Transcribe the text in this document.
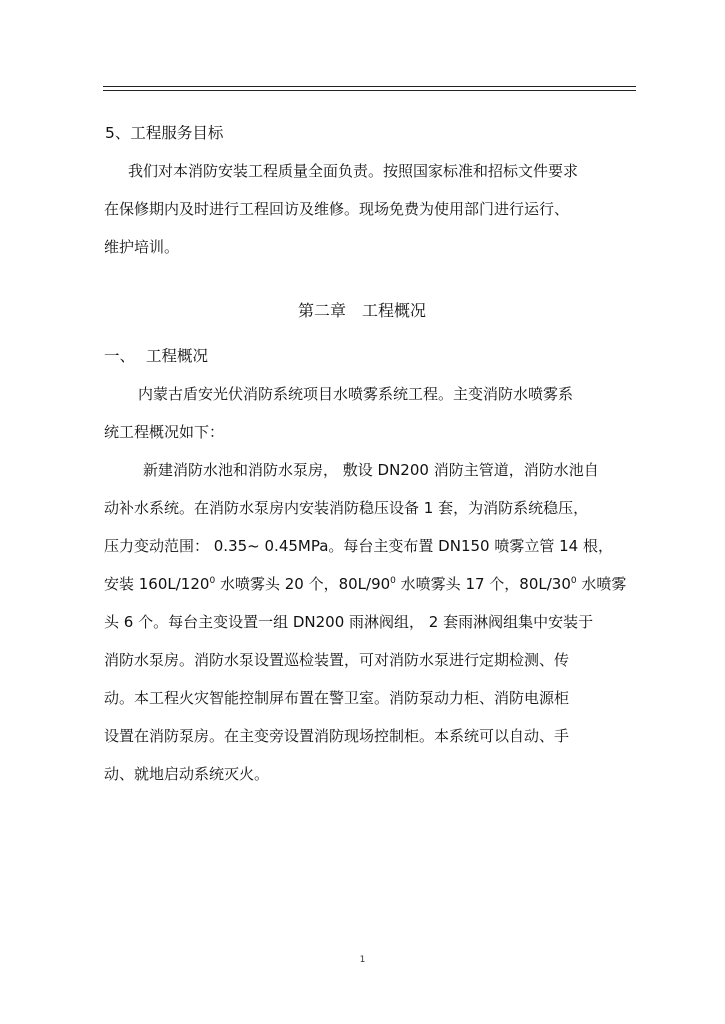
5、工程服务目标
我们对本消防安装工程质量全面负责。按照国家标准和招标文件要求
在保修期内及时进行工程回访及维修。现场免费为使用部门进行运行、
维护培训。
第二章　工程概况
一、 工程概况
内蒙古盾安光伏消防系统项目水喷雾系统工程。主变消防水喷雾系
统工程概况如下：
新建消防水池和消防水泵房， 敷设 DN200 消防主管道，消防水池自
动补水系统。在消防水泵房内安装消防稳压设备 1 套，为消防系统稳压，
压力变动范围： 0.35~ 0.45MPa。每台主变布置 DN150 喷雾立管 14 根，
安装 $160L/120^0$ 水喷雾头 20 个，$80L/90^0$ 水喷雾头 17 个，$80L/30^0$ 水喷雾
头 6 个。每台主变设置一组 DN200 雨淋阀组， 2 套雨淋阀组集中安装于
消防水泵房。消防水泵设置巡检装置，可对消防水泵进行定期检测、传
动。本工程火灾智能控制屏布置在警卫室。消防泵动力柜、消防电源柜
设置在消防泵房。在主变旁设置消防现场控制柜。本系统可以自动、手
动、就地启动系统灭火。
1
